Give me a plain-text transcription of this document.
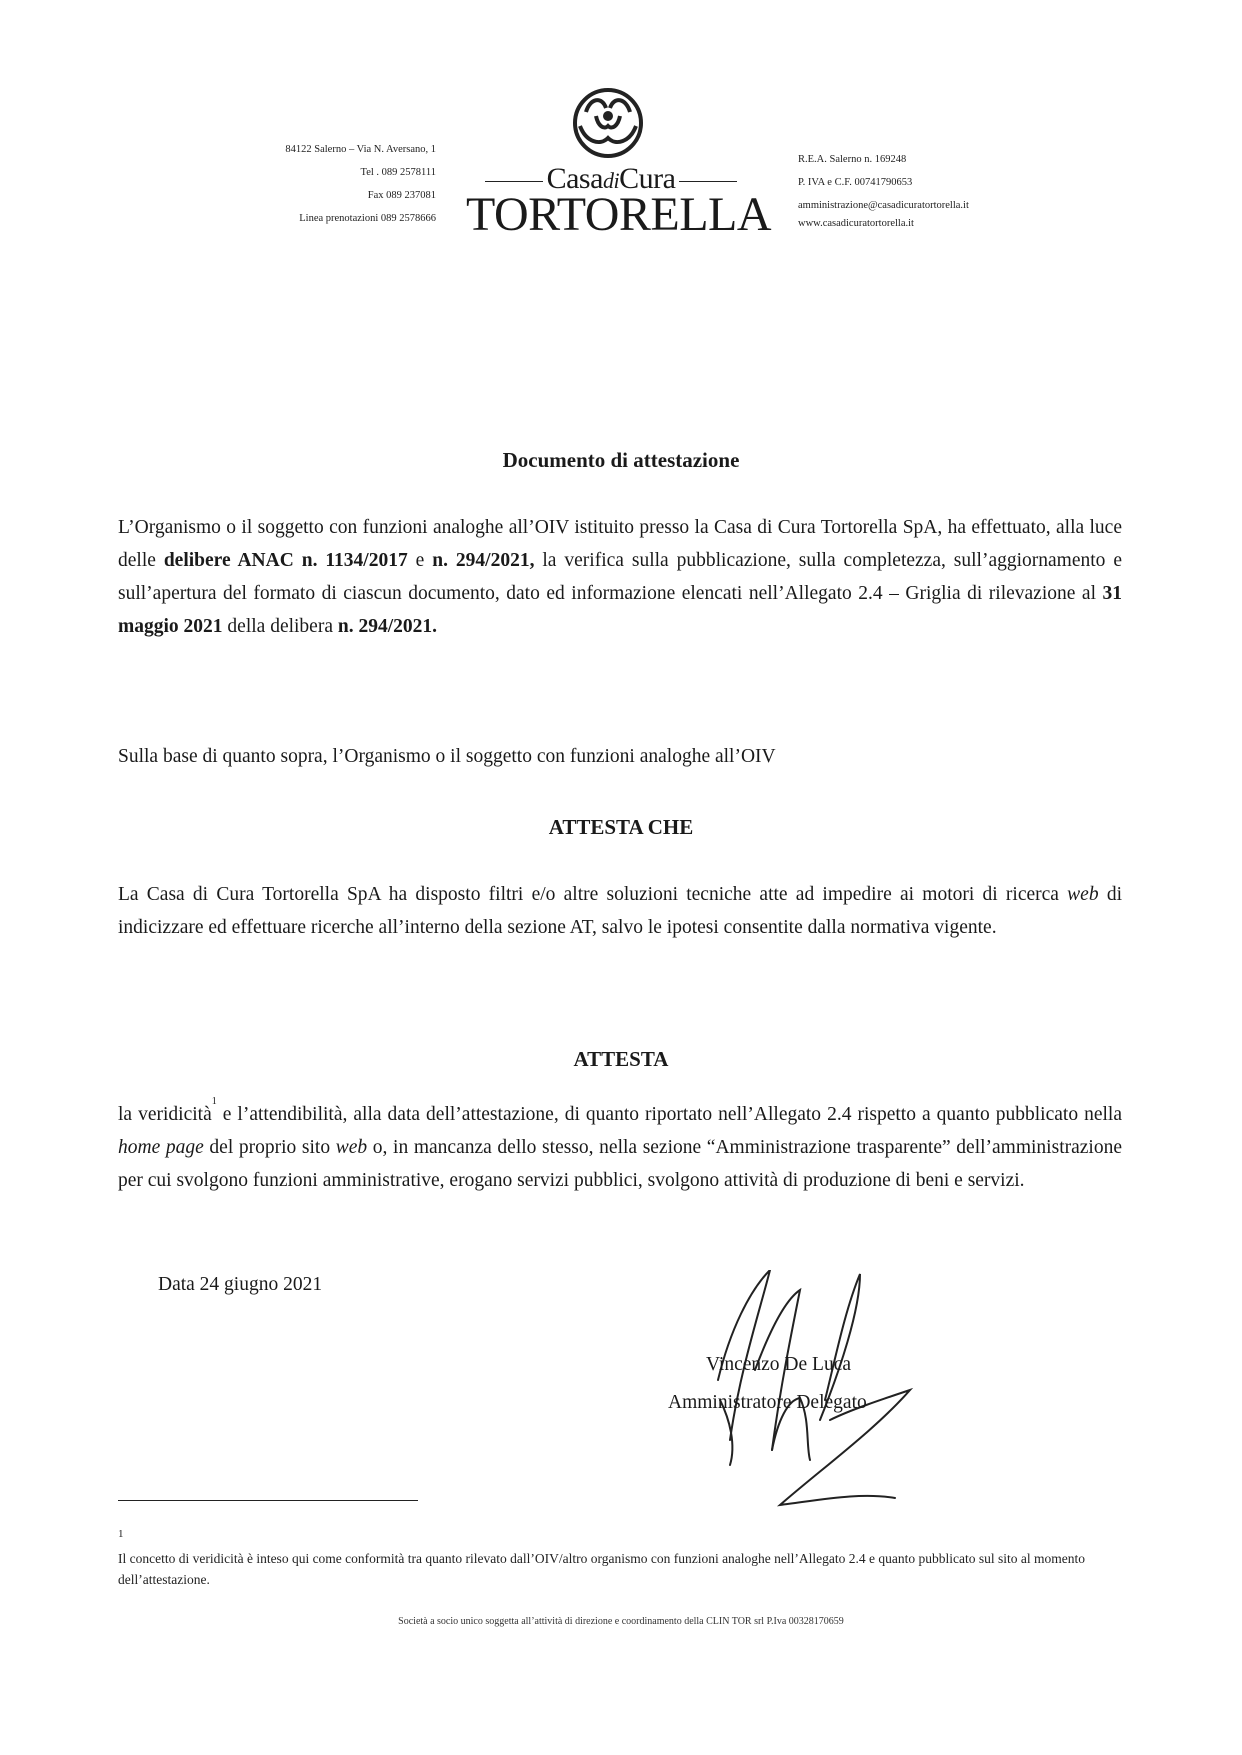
84122 Salerno – Via N. Aversano, 1
Tel . 089 2578111
Fax 089 237081
Linea prenotazioni 089 2578666
CasadiCura
TORTORELLA
R.E.A. Salerno n. 169248
P. IVA e C.F. 00741790653
amministrazione@casadicuratortorella.it
www.casadicuratortorella.it
Documento di attestazione

L’Organismo o il soggetto con funzioni analoghe all’OIV istituito presso la Casa di Cura Tortorella SpA, ha effettuato, alla luce delle delibere ANAC n. 1134/2017 e n. 294/2021, la verifica sulla pubblicazione, sulla completezza, sull’aggiornamento e sull’apertura del formato di ciascun documento, dato ed informazione elencati nell’Allegato 2.4 – Griglia di rilevazione al 31 maggio 2021 della delibera n. 294/2021.

Sulla base di quanto sopra, l’Organismo o il soggetto con funzioni analoghe all’OIV

ATTESTA CHE

La Casa di Cura Tortorella SpA ha disposto filtri e/o altre soluzioni tecniche atte ad impedire ai motori di ricerca web di indicizzare ed effettuare ricerche all’interno della sezione AT, salvo le ipotesi consentite dalla normativa vigente.

ATTESTA

la veridicità$^1$ e l’attendibilità, alla data dell’attestazione, di quanto riportato nell’Allegato 2.4 rispetto a quanto pubblicato nella home page del proprio sito web o, in mancanza dello stesso, nella sezione “Amministrazione trasparente” dell’amministrazione per cui svolgono funzioni amministrative, erogano servizi pubblici, svolgono attività di produzione di beni e servizi.

Data 24 giugno 2021
Vincenzo De Luca
Amministratore Delegato
1

Il concetto di veridicità è inteso qui come conformità tra quanto rilevato dall’OIV/altro organismo con funzioni analoghe nell’Allegato 2.4 e quanto pubblicato sul sito al momento dell’attestazione.

Società a socio unico soggetta all’attività di direzione e coordinamento della CLIN TOR srl P.Iva 00328170659
